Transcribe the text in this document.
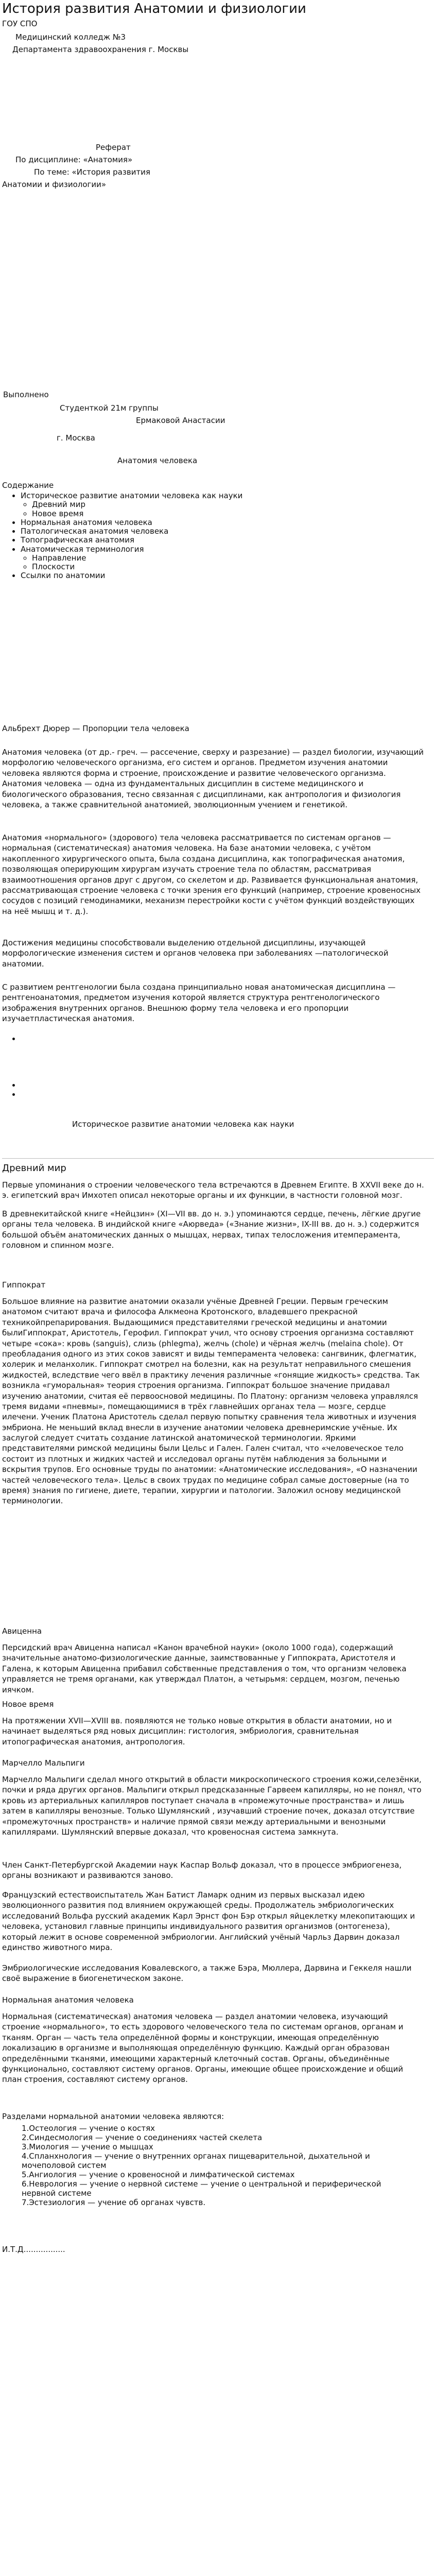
История развития Анатомии и физиологии

ГОУ СПО

Медицинский колледж №3

Департамента здравоохранения г. Москвы

Реферат

По дисциплине: «Анатомия»

По теме: «История развития

Анатомии и физиологии»

Выполнено

Студенткой 21м группы

Ермаковой Анастасии

г. Москва

Анатомия человека

Содержание

• Историческое развитие анатомии человека как науки
◦ Древний мир
◦ Новое время
• Нормальная анатомия человека
• Патологическая анатомия человека
• Топографическая анатомия
• Анатомическая терминология
◦ Направление
◦ Плоскости
• Ссылки по анатомии

Альбрехт Дюрер — Пропорции тела человека

Анатомия человека (от др.- греч. — рассечение, сверху и разрезание) — раздел биологии, изучающий морфологию человеческого организма, его систем и органов. Предметом изучения анатомии человека являются форма и строение, происхождение и развитие человеческого организма. Анатомия человека — одна из фундаментальных дисциплин в системе медицинского и биологического образования, тесно связанная с дисциплинами, как антропология и физиология человека, а также сравнительной анатомией, эволюционным учением и генетикой.

Анатомия «нормального» (здорового) тела человека рассматривается по системам органов —нормальная (систематическая) анатомия человека. На базе анатомии человека, с учётом накопленного хирургического опыта, была создана дисциплина, как топографическая анатомия, позволяющая оперирующим хирургам изучать строение тела по областям, рассматривая взаимоотношения органов друг с другом, со скелетом и др. Развивается функциональная анатомия, рассматривающая строение человека с точки зрения его функций (например, строение кровеносных сосудов с позиций гемодинамики, механизм перестройки кости с учётом функций воздействующих на неё мышц и т. д.).

Достижения медицины способствовали выделению отдельной дисциплины, изучающей морфологические изменения систем и органов человека при заболеваниях —патологической анатомии.

С развитием рентгенологии была создана принципиально новая анатомическая дисциплина —рентгеноанатомия, предметом изучения которой является структура рентгенологического изображения внутренних органов. Внешнюю форму тела человека и его пропорции изучаетпластическая анатомия.

Историческое развитие анатомии человека как науки

Древний мир

Первые упоминания о строении человеческого тела встречаются в Древнем Египте. В XXVII веке до н. э. египетский врач Имхотеп описал некоторые органы и их функции, в частности головной мозг.

В древнекитайской книге «Нейцзин» (XI—VII вв. до н. э.) упоминаются сердце, печень, лёгкие другие органы тела человека. В индийской книге «Аюрведа» («Знание жизни», IX-III вв. до н. э.) содержится большой объём анатомических данных о мышцах, нервах, типах телосложения итемперамента, головном и спинном мозге.

Гиппократ

Большое влияние на развитие анатомии оказали учёные Древней Греции. Первым греческим анатомом считают врача и философа Алкмеона Кротонского, владевшего прекрасной техникойпрепарирования. Выдающимися представителями греческой медицины и анатомии былиГиппократ, Аристотель, Герофил. Гиппократ учил, что основу строения организма составляют четыре «сока»: кровь (sanguis), слизь (phlegma), желчь (chole) и чёрная желчь (melaina chole). От преобладания одного из этих соков зависят и виды темперамента человека: сангвиник, флегматик, холерик и меланхолик. Гиппократ смотрел на болезни, как на результат неправильного смешения жидкостей, вследствие чего ввёл в практику лечения различные «гонящие жидкость» средства. Так возникла «гуморальная» теория строения организма. Гиппократ большое значение придавал изучению анатомии, считая её первоосновой медицины. По Платону: организм человека управлялся тремя видами «пневмы», помещающимися в трёх главнейших органах тела — мозге, сердце илечени. Ученик Платона Аристотель сделал первую попытку сравнения тела животных и изучения эмбриона. Не меньший вклад внесли в изучение анатомии человека древнеримские учёные. Их заслугой следует считать создание латинской анатомической терминологии. Яркими представителями римской медицины были Цельс и Гален. Гален считал, что «человеческое тело состоит из плотных и жидких частей и исследовал органы путём наблюдения за больными и вскрытия трупов. Его основные труды по анатомии: «Анатомические исследования», «О назначении частей человеческого тела». Цельс в своих трудах по медицине собрал самые достоверные (на то время) знания по гигиене, диете, терапии, хирургии и патологии. Заложил основу медицинской терминологии.

Авиценна

Персидский врач Авиценна написал «Канон врачебной науки» (около 1000 года), содержащий значительные анатомо-физиологические данные, заимствованные у Гиппократа, Аристотеля и Галена, к которым Авиценна прибавил собственные представления о том, что организм человека управляется не тремя органами, как утверждал Платон, а четырьмя: сердцем, мозгом, печенью иячком.

Новое время

На протяжении XVII—XVIII вв. появляются не только новые открытия в области анатомии, но и начинает выделяться ряд новых дисциплин: гистология, эмбриология, сравнительная итопографическая анатомия, антропология.

Марчелло Мальпиги

Марчелло Мальпиги сделал много открытий в области микроскопического строения кожи,селезёнки, почки и ряда других органов. Мальпиги открыл предсказанные Гарвеем капилляры, но не понял, что кровь из артериальных капилляров поступает сначала в «промежуточные пространства» и лишь затем в капилляры венозные. Только Шумлянский , изучавший строение почек, доказал отсутствие «промежуточных пространств» и наличие прямой связи между артериальными и венозными капиллярами. Шумлянский впервые доказал, что кровеносная система замкнута.

Член Санкт-Петербургской Академии наук Каспар Вольф доказал, что в процессе эмбриогенеза, органы возникают и развиваются заново.

Французский естествоиспытатель Жан Батист Ламарк одним из первых высказал идею эволюционного развития под влиянием окружающей среды. Продолжатель эмбриологических исследований Вольфа русский академик Карл Эрнст фон Бэр открыл яйцеклетку млекопитающих и человека, установил главные принципы индивидуального развития организмов (онтогенеза), который лежит в основе современной эмбриологии. Английский учёный Чарльз Дарвин доказал единство животного мира.

Эмбриологические исследования Ковалевского, а также Бэра, Мюллера, Дарвина и Геккеля нашли своё выражение в биогенетическом законе.

Нормальная анатомия человека

Нормальная (систематическая) анатомия человека — раздел анатомии человека, изучающий строение «нормального», то есть здорового человеческого тела по системам органов, органам и тканям. Орган — часть тела определённой формы и конструкции, имеющая определённую локализацию в организме и выполняющая определённую функцию. Каждый орган образован определёнными тканями, имеющими характерный клеточный состав. Органы, объединённые функционально, составляют систему органов. Органы, имеющие общее происхождение и общий план строения, составляют систему органов.

Разделами нормальной анатомии человека являются:

1.Остеология — учение о костях
2.Синдесмология — учение о соединениях частей скелета
3.Миология — учение о мышцах
4.Спланхнология — учение о внутренних органах пищеварительной, дыхательной и мочеполовой систем
5.Ангиология — учение о кровеносной и лимфатической системах
6.Неврология — учение о нервной системе — учение о центральной и периферической нервной системе
7.Эстезиология — учение об органах чувств.

И.Т.Д.................
